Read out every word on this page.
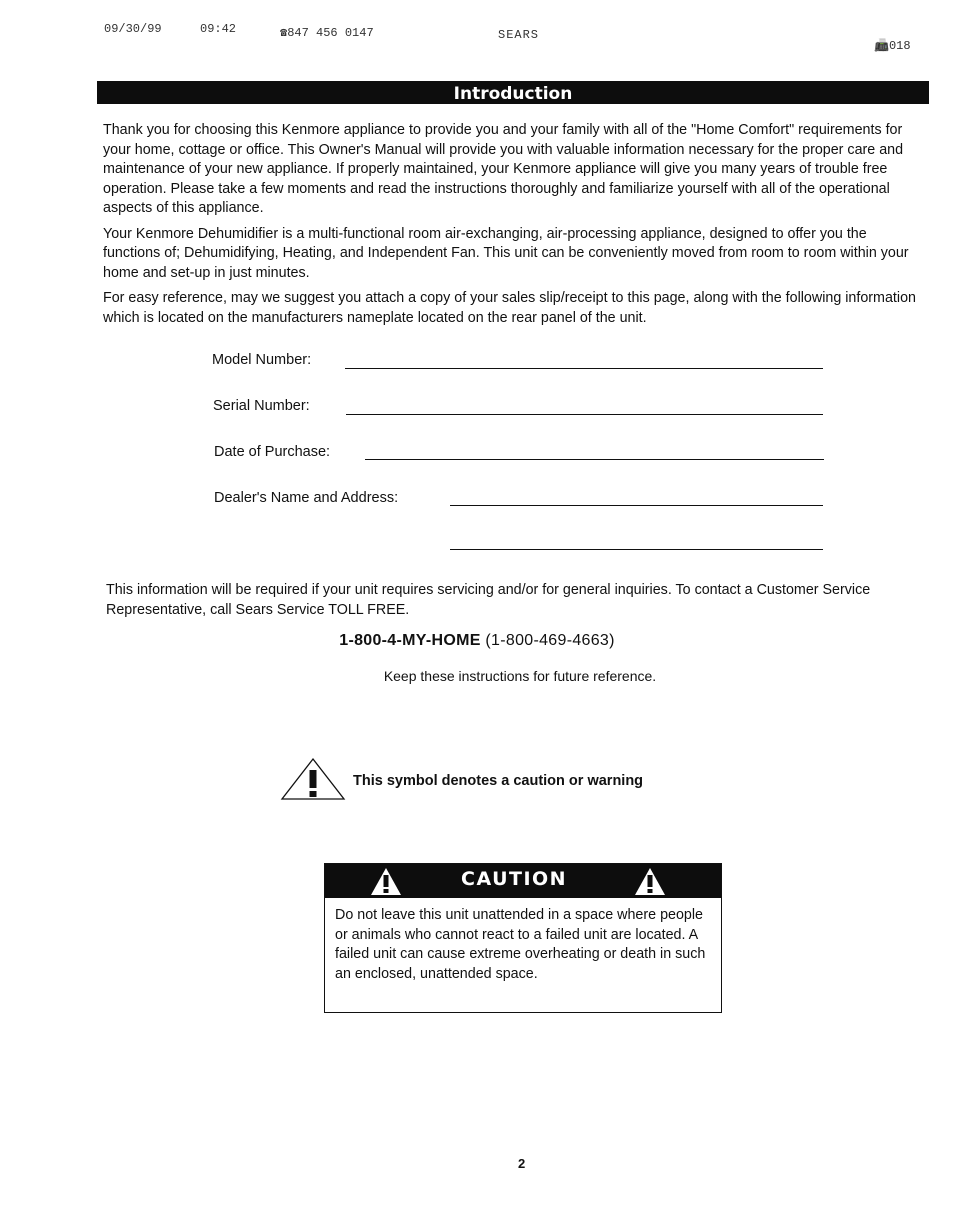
09/30/99	09:42	☎847 456 0147	SEARS
📠018
Introduction

Thank you for choosing this Kenmore appliance to provide you and your family with all of the "Home Comfort" requirements for your home, cottage or office. This Owner's Manual will provide you with valuable information necessary for the proper care and maintenance of your new appliance. If properly maintained, your Kenmore appliance will give you many years of trouble free operation. Please take a few moments and read the instructions thoroughly and familiarize yourself with all of the operational aspects of this appliance.

Your Kenmore Dehumidifier is a multi-functional room air-exchanging, air-processing appliance, designed to offer you the functions of; Dehumidifying, Heating, and Independent Fan. This unit can be conveniently moved from room to room within your home and set-up in just minutes.

For easy reference, may we suggest you attach a copy of your sales slip/receipt to this page, along with the following information which is located on the manufacturers nameplate located on the rear panel of the unit.

Model Number:
Serial Number:
Date of Purchase:
Dealer's Name and Address:
This information will be required if your unit requires servicing and/or for general inquiries. To contact a Customer Service Representative, call Sears Service TOLL FREE.
1-800-4-MY-HOME (1-800-469-4663)
Keep these instructions for future reference.
This symbol denotes a caution or warning
CAUTION
Do not leave this unit unattended in a space where people or animals who cannot react to a failed unit are located. A failed unit can cause extreme overheating or death in such an enclosed, unattended space.
2
